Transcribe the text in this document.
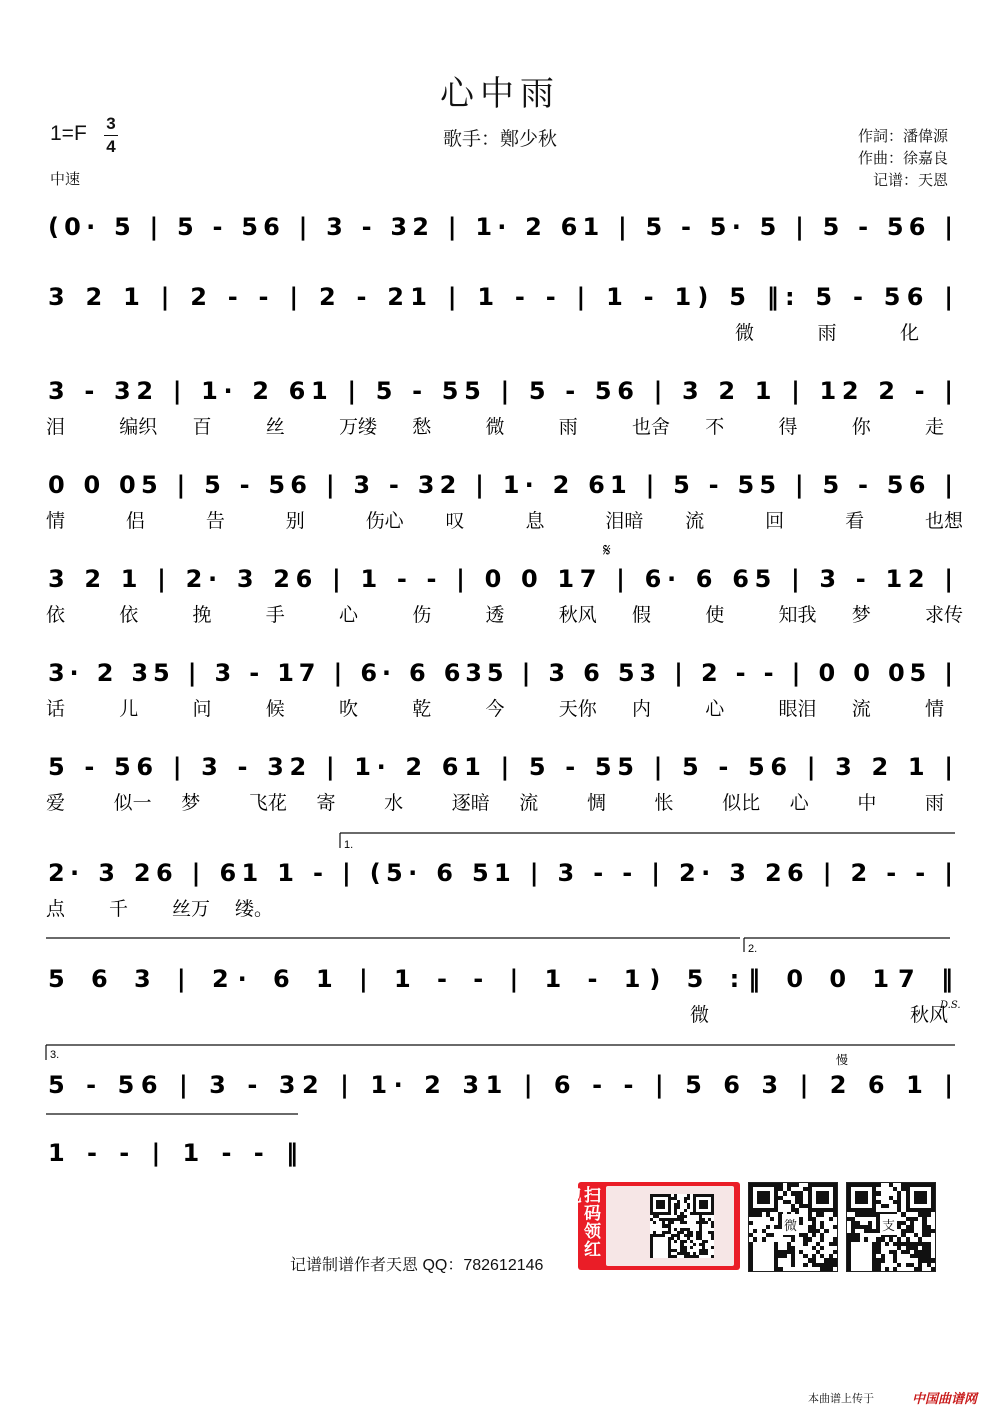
心中雨
1=F 3
4
中速
歌手：鄭少秋	作詞：潘偉源
作曲：徐嘉良
记谱：天恩
(0· 5 | 5 - 56 | 3 - 32 | 1· 2 61 | 5 - 5· 5 | 5 - 56 |
3 2 1 | 2 - - | 2 - 21 | 1 - - | 1 - 1) 5 ‖: 5 - 56 |
微	雨	化
3 - 32 | 1· 2 61 | 5 - 55 | 5 - 56 | 3 2 1 | 12 2 - |
泪	编织 百	丝	万缕 愁	微	雨	也舍 不	得	你	走
0 0 05 | 5 - 56 | 3 - 32 | 1· 2 61 | 5 - 55 | 5 - 56 |
情	侣	告	别	伤心 叹	息	泪暗 流	回	看	也想
3 2 1 | 2· 3 26 | 1 - - | 0 0 17 | 6· 6 65 | 3 - 12 |
依	依	挽	手	心	伤	透	秋风 假	使	知我 梦	求传
3· 2 35 | 3 - 17 | 6· 6 635 | 3 6 53 | 2 - - | 0 0 05 |
话	儿	问	候	吹	乾	今	天你 内	心	眼泪 流	情
5 - 56 | 3 - 32 | 1· 2 61 | 5 - 55 | 5 - 56 | 3 2 1 |
爱	似一 梦	飞花 寄	水	逐暗 流	惆	怅	似比 心	中	雨
2· 3 26 | 61 1 - | (5· 6 51 | 3 - - | 2· 3 26 | 2 - - |
点 千 丝万 缕。
5 6 3 | 2· 6 1 | 1 - - | 1 - 1) 5 :‖ 0 0 17 ‖
微	秋风
5 - 56 | 3 - 32 | 1· 2 31 | 6 - - | 5 6 3 | 2 6 1 |
1 - - | 1 - - ‖
1.
2.
3.
𝄋
D.S.
慢
扫码领红包
微	支
记谱制谱作者天恩 QQ：782612146
本曲谱上传于	中国曲谱网
